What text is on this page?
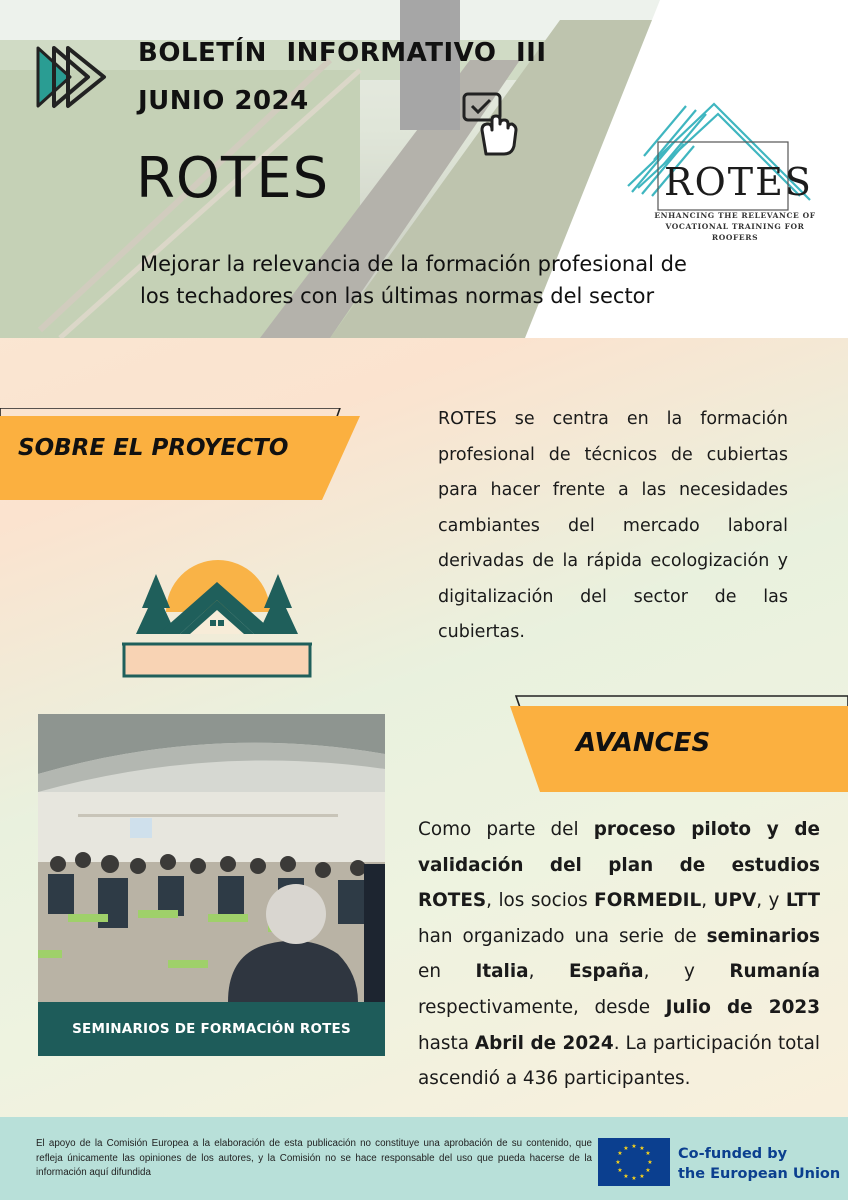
BOLETÍN INFORMATIVO III
JUNIO 2024
ROTES
Mejorar la relevancia de la formación profesional de
los techadores con las últimas normas del sector
ROTES
ENHANCING THE RELEVANCE OF
VOCATIONAL TRAINING FOR ROOFERS
SOBRE EL PROYECTO
ROTES se centra en la formación profesional de técnicos de cubiertas para hacer frente a las necesidades cambiantes del mercado laboral derivadas de la rápida ecologización y digitalización del sector de las cubiertas.
AVANCES
SEMINARIOS DE FORMACIÓN ROTES
Como parte del proceso piloto y de validación del plan de estudios ROTES, los socios FORMEDIL, UPV, y LTT han organizado una serie de seminarios en Italia, España, y Rumanía respectivamente, desde Julio de 2023 hasta Abril de 2024. La participación total ascendió a 436 participantes.
El apoyo de la Comisión Europea a la elaboración de esta publicación no constituye una aprobación de su contenido, que refleja únicamente las opiniones de los autores, y la Comisión no se hace responsable del uso que pueda hacerse de la información aquí difundida
★ ★
★
★
★
★
★
★
★
★
★
★	Co-funded by
the European Union
